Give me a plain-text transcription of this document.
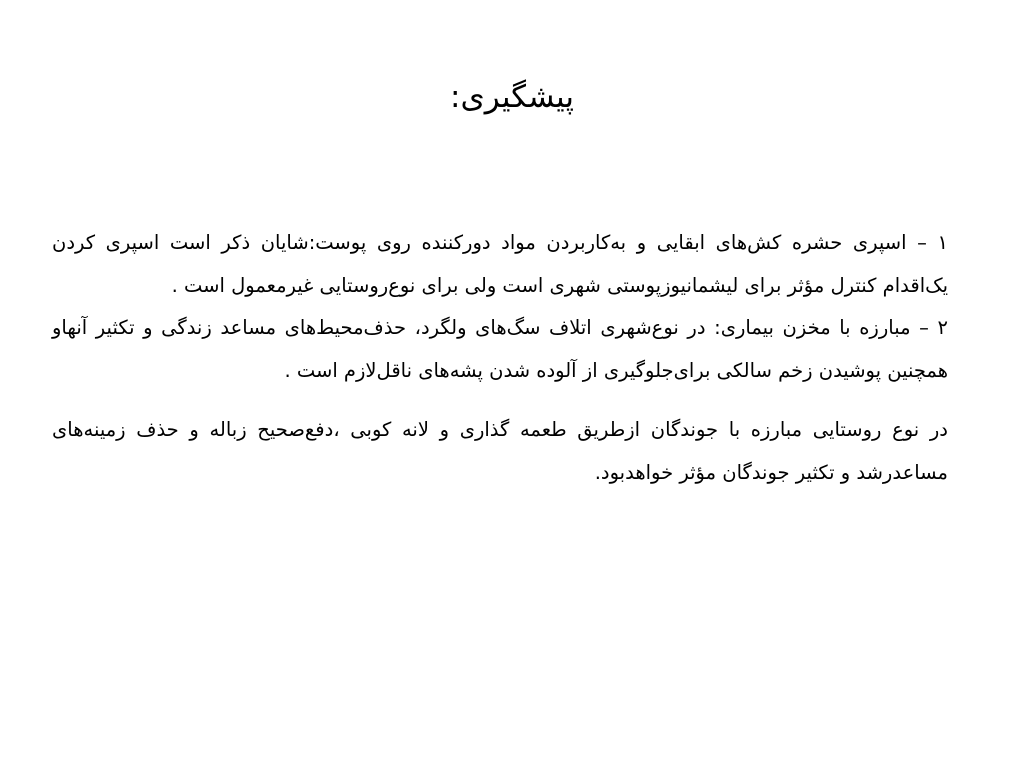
پیشگیری:

۱ – اسپری حشره کش‌های ابقایی و به‌کاربردن مواد دورکننده روی پوست:شایان ذکر است اسپری کردن یک‌اقدام کنترل مؤثر برای لیشمانیوزپوستی شهری است ولی برای نوع‌روستایی غیرمعمول است .

۲ – مبارزه با مخزن بیماری: در نوع‌شهری اتلاف سگ‌های ولگرد، حذف‌محیط‌های مساعد زندگی و تکثیر آنهاو همچنین پوشیدن زخم سالکی برای‌جلوگیری از آلوده شدن پشه‌های ناقل‌لازم است .

در نوع روستایی مبارزه با جوندگان ازطریق طعمه گذاری و لانه کوبی ،دفع‌صحیح زباله و حذف زمینه‌های مساعدرشد و تکثیر جوندگان مؤثر خواهدبود.
